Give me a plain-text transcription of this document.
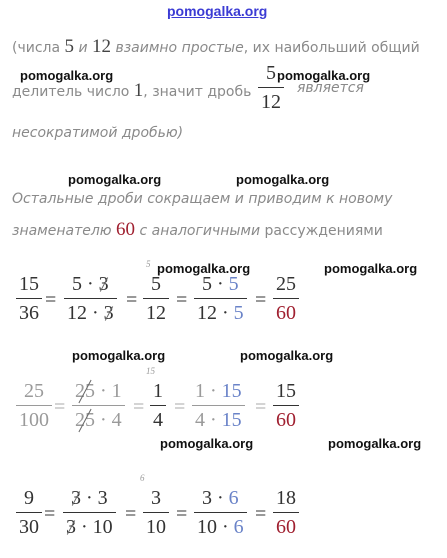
pomogalka.org
pomogalka.org	pomogalka.org
pomogalka.org	pomogalka.org
pomogalka.org	pomogalka.org
pomogalka.org	pomogalka.org
pomogalka.org	pomogalka.org
(числа 5 и 12 взаимно простые, их наибольший общий
делитель число 1, значит дробь $\frac{5}{12}$ является
несократимой дробью)
Остальные дроби сокращаем и приводим к новому
знаменателю 60 с аналогичными рассуждениями
$\frac{15}{36} = \frac{5 \cdot 3}{12 \cdot 3}$
5
= $\frac{5}{12} = \frac{5 \cdot 5}{12 \cdot 5} = \frac{25}{60}$
$\frac{25}{100} = \frac{25 \cdot 1}{25 \cdot 4}$
15
= $\frac{1}{4} = \frac{1 \cdot 15}{4 \cdot 15} = \frac{15}{60}$
$\frac{9}{30} = \frac{3 \cdot 3}{3 \cdot 10}$
6
= $\frac{3}{10} = \frac{3 \cdot 6}{10 \cdot 6} = \frac{18}{60}$
